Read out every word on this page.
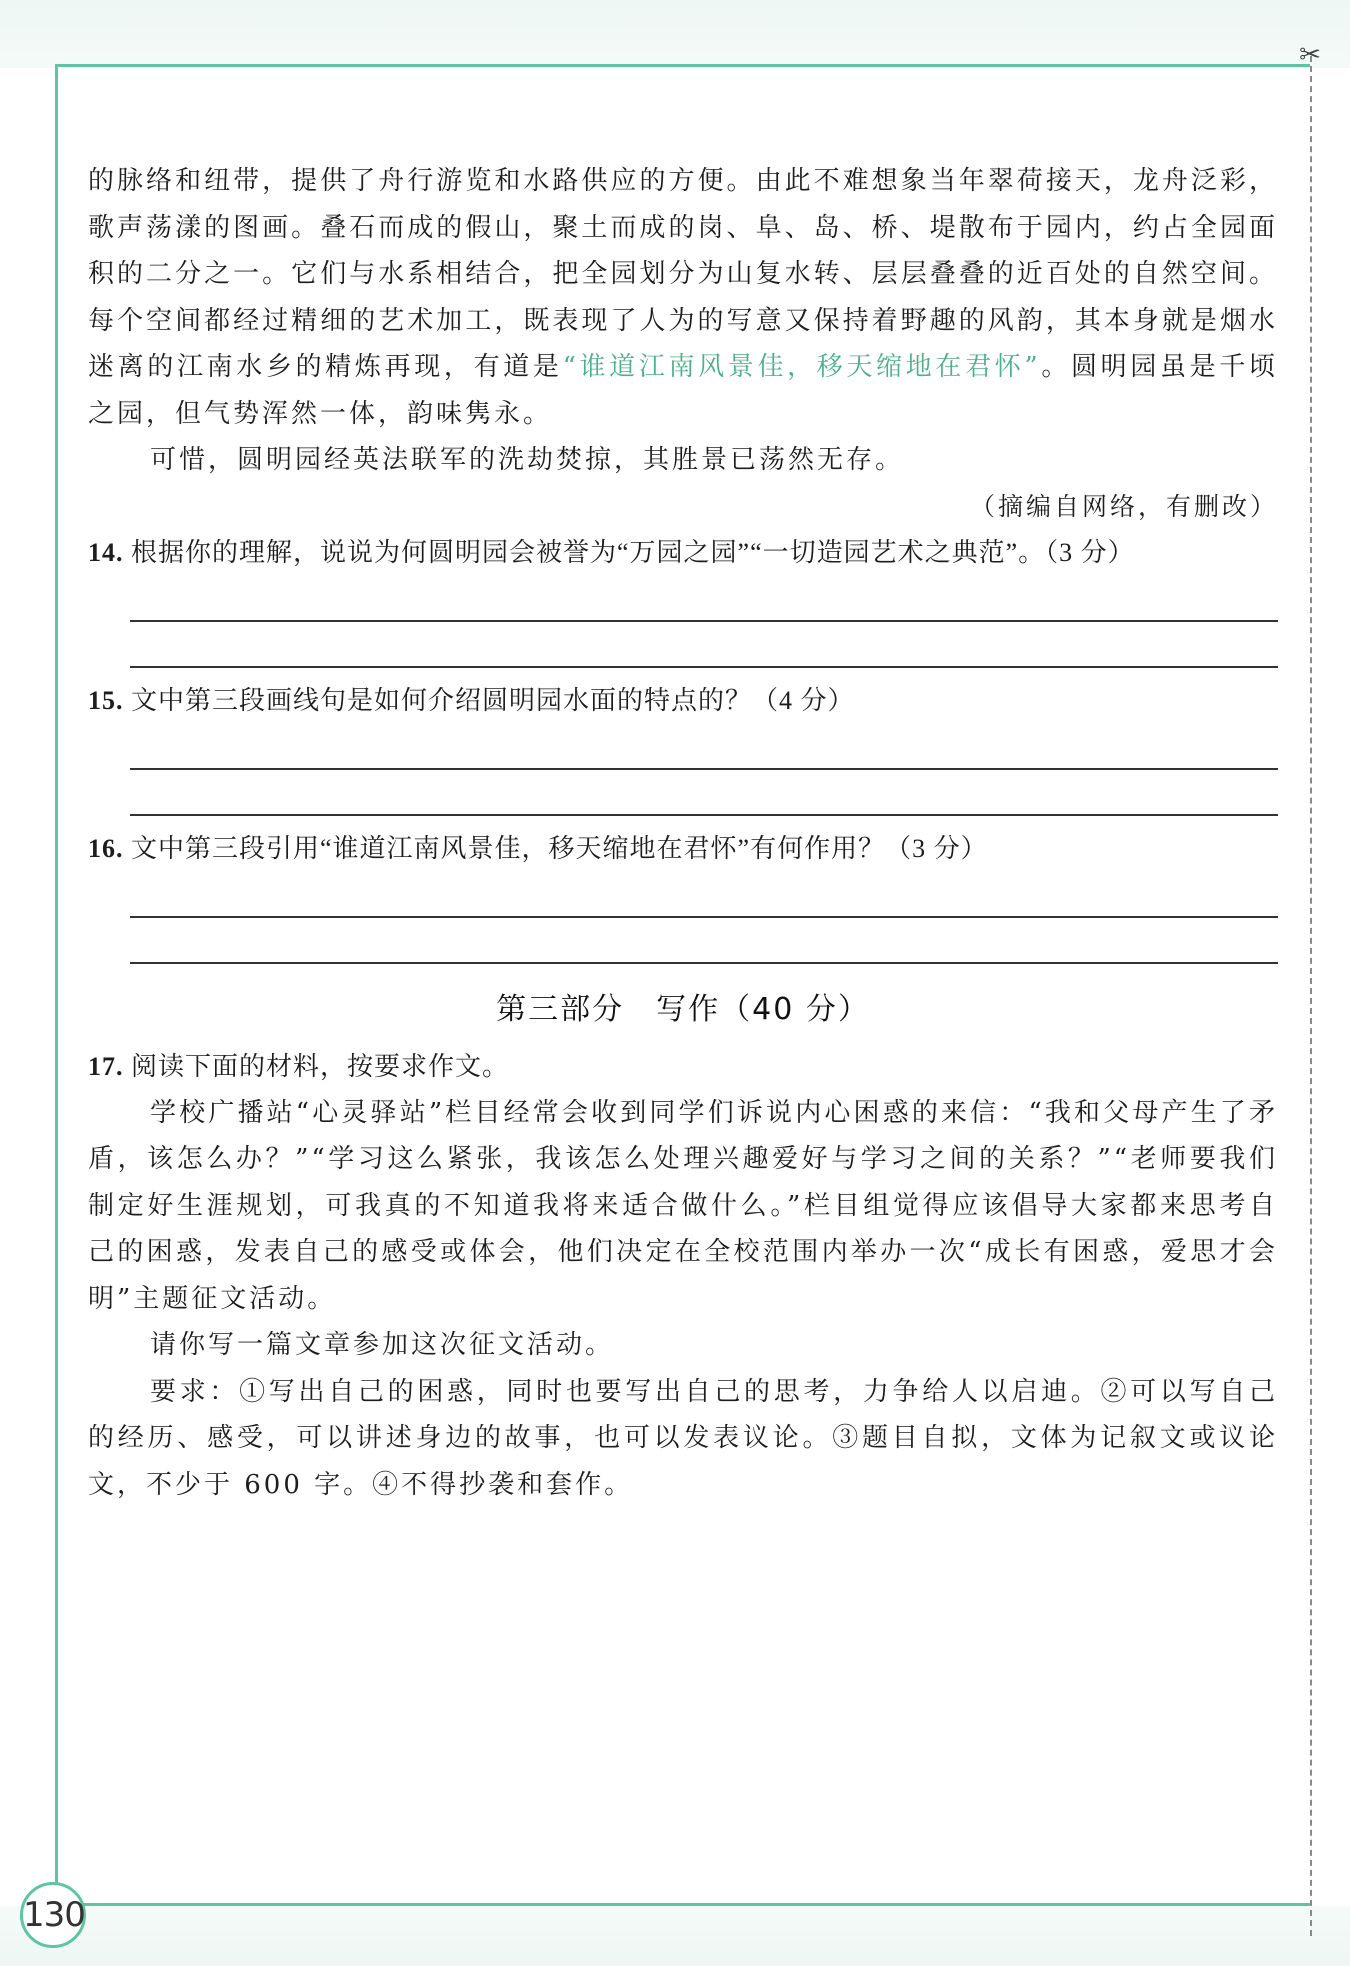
✂

的脉络和纽带，提供了舟行游览和水路供应的方便。由此不难想象当年翠荷接天，龙舟泛彩，歌声荡漾的图画。叠石而成的假山，聚土而成的岗、阜、岛、桥、堤散布于园内，约占全园面积的二分之一。它们与水系相结合，把全园划分为山复水转、层层叠叠的近百处的自然空间。每个空间都经过精细的艺术加工，既表现了人为的写意又保持着野趣的风韵，其本身就是烟水迷离的江南水乡的精炼再现，有道是“谁道江南风景佳，移天缩地在君怀”。圆明园虽是千顷之园，但气势浑然一体，韵味隽永。

可惜，圆明园经英法联军的洗劫焚掠，其胜景已荡然无存。

（摘编自网络，有删改）

14. 根据你的理解，说说为何圆明园会被誉为“万园之园”“一切造园艺术之典范”。（3 分）

15. 文中第三段画线句是如何介绍圆明园水面的特点的？（4 分）

16. 文中第三段引用“谁道江南风景佳，移天缩地在君怀”有何作用？（3 分）

第三部分　写作（40 分）

17. 阅读下面的材料，按要求作文。

学校广播站“心灵驿站”栏目经常会收到同学们诉说内心困惑的来信：“我和父母产生了矛盾，该怎么办？”“学习这么紧张，我该怎么处理兴趣爱好与学习之间的关系？”“老师要我们制定好生涯规划，可我真的不知道我将来适合做什么。”栏目组觉得应该倡导大家都来思考自己的困惑，发表自己的感受或体会，他们决定在全校范围内举办一次“成长有困惑，爱思才会明”主题征文活动。

请你写一篇文章参加这次征文活动。

要求：①写出自己的困惑，同时也要写出自己的思考，力争给人以启迪。②可以写自己的经历、感受，可以讲述身边的故事，也可以发表议论。③题目自拟，文体为记叙文或议论文，不少于 600 字。④不得抄袭和套作。

130
